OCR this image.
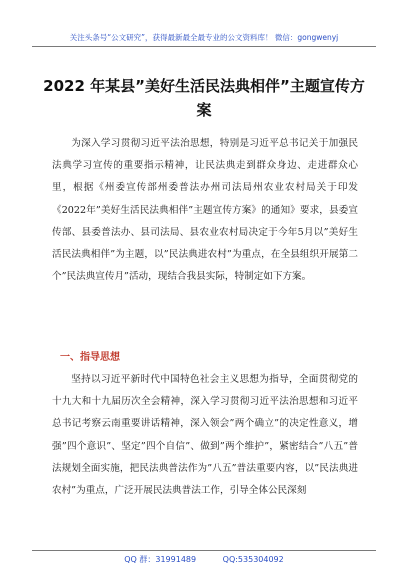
关注头条号“公文研究”，获得最新最全最专业的公文资料库！ 微信：gongwenyj
2022 年某县”美好生活民法典相伴”主题宣传方案
为深入学习贯彻习近平法治思想，特别是习近平总书记关于加强民法典学习宣传的重要指示精神，让民法典走到群众身边、走进群众心里，根据《州委宣传部州委普法办州司法局州农业农村局关于印发《2022年”美好生活民法典相伴”主题宣传方案》的通知》要求，县委宣传部、县委普法办、县司法局、县农业农村局决定于今年5月以”美好生活民法典相伴”为主题，以”民法典进农村”为重点，在全县组织开展第二个”民法典宣传月”活动，现结合我县实际，特制定如下方案。
一、指导思想
坚持以习近平新时代中国特色社会主义思想为指导，全面贯彻党的十九大和十九届历次全会精神，深入学习贯彻习近平法治思想和习近平总书记考察云南重要讲话精神，深入领会”两个确立”的决定性意义，增强”四个意识”、坚定”四个自信”、做到”两个维护”，紧密结合”八五”普法规划全面实施，把民法典普法作为”八五”普法重要内容，以”民法典进农村”为重点，广泛开展民法典普法工作，引导全体公民深刻
QQ 群：31991489	QQ:535304092
